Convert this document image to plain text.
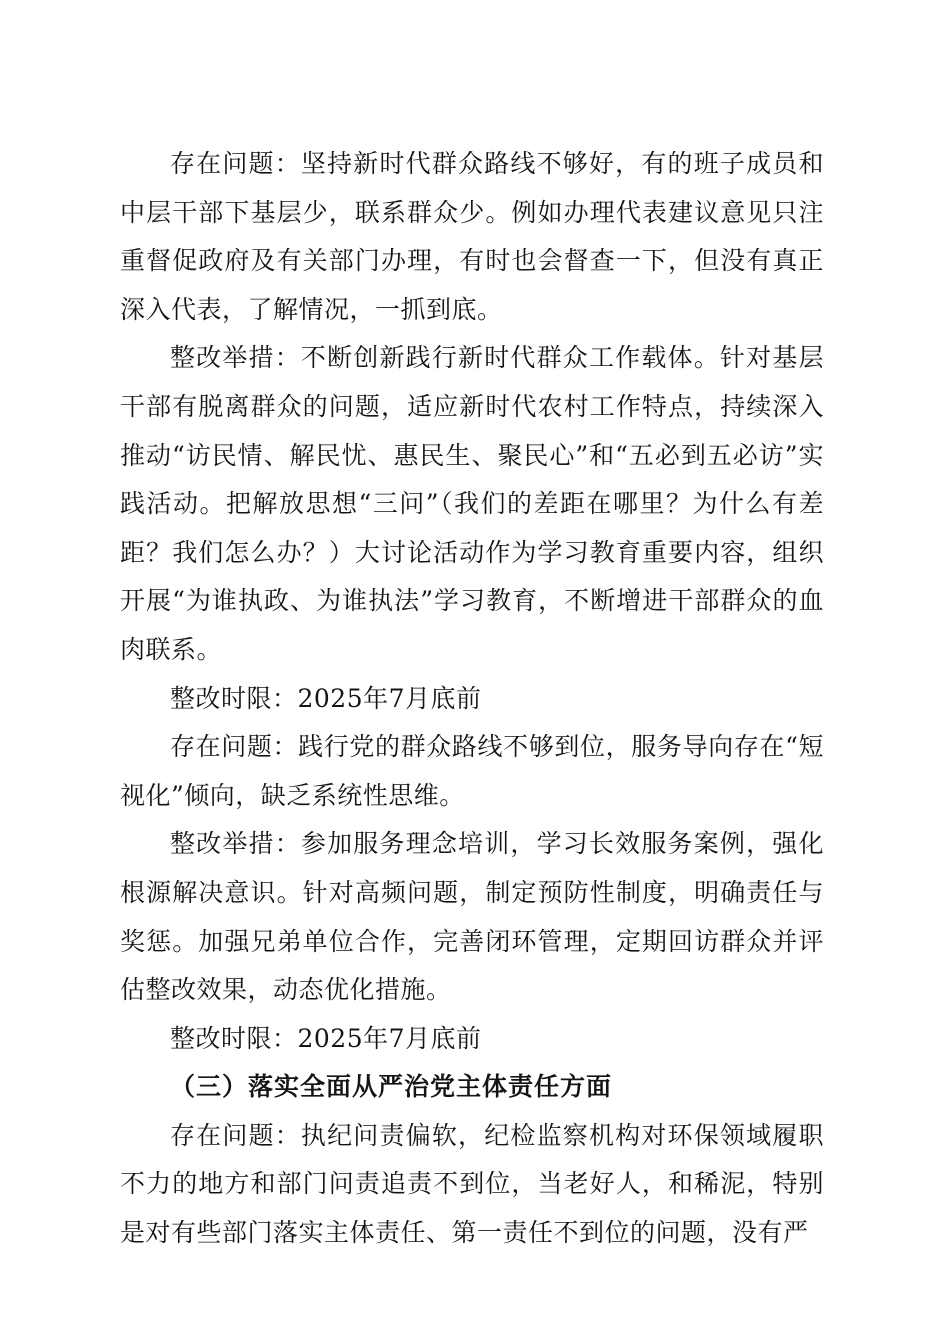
存在问题：坚持新时代群众路线不够好，有的班子成员和中层干部下基层少，联系群众少。例如办理代表建议意见只注重督促政府及有关部门办理，有时也会督查一下，但没有真正深入代表，了解情况，一抓到底。

整改举措：不断创新践行新时代群众工作载体。针对基层干部有脱离群众的问题，适应新时代农村工作特点，持续深入推动“访民情、解民忧、惠民生、聚民心”和“五必到五必访”实践活动。把解放思想“三问”（我们的差距在哪里？为什么有差距？我们怎么办？）大讨论活动作为学习教育重要内容，组织开展“为谁执政、为谁执法”学习教育，不断增进干部群众的血肉联系。

整改时限：2025年7月底前

存在问题：践行党的群众路线不够到位，服务导向存在“短视化”倾向，缺乏系统性思维。

整改举措：参加服务理念培训，学习长效服务案例，强化根源解决意识。针对高频问题，制定预防性制度，明确责任与奖惩。加强兄弟单位合作，完善闭环管理，定期回访群众并评估整改效果，动态优化措施。

整改时限：2025年7月底前

（三）落实全面从严治党主体责任方面

存在问题：执纪问责偏软，纪检监察机构对环保领域履职不力的地方和部门问责追责不到位，当老好人，和稀泥，特别是对有些部门落实主体责任、第一责任不到位的问题，没有严
